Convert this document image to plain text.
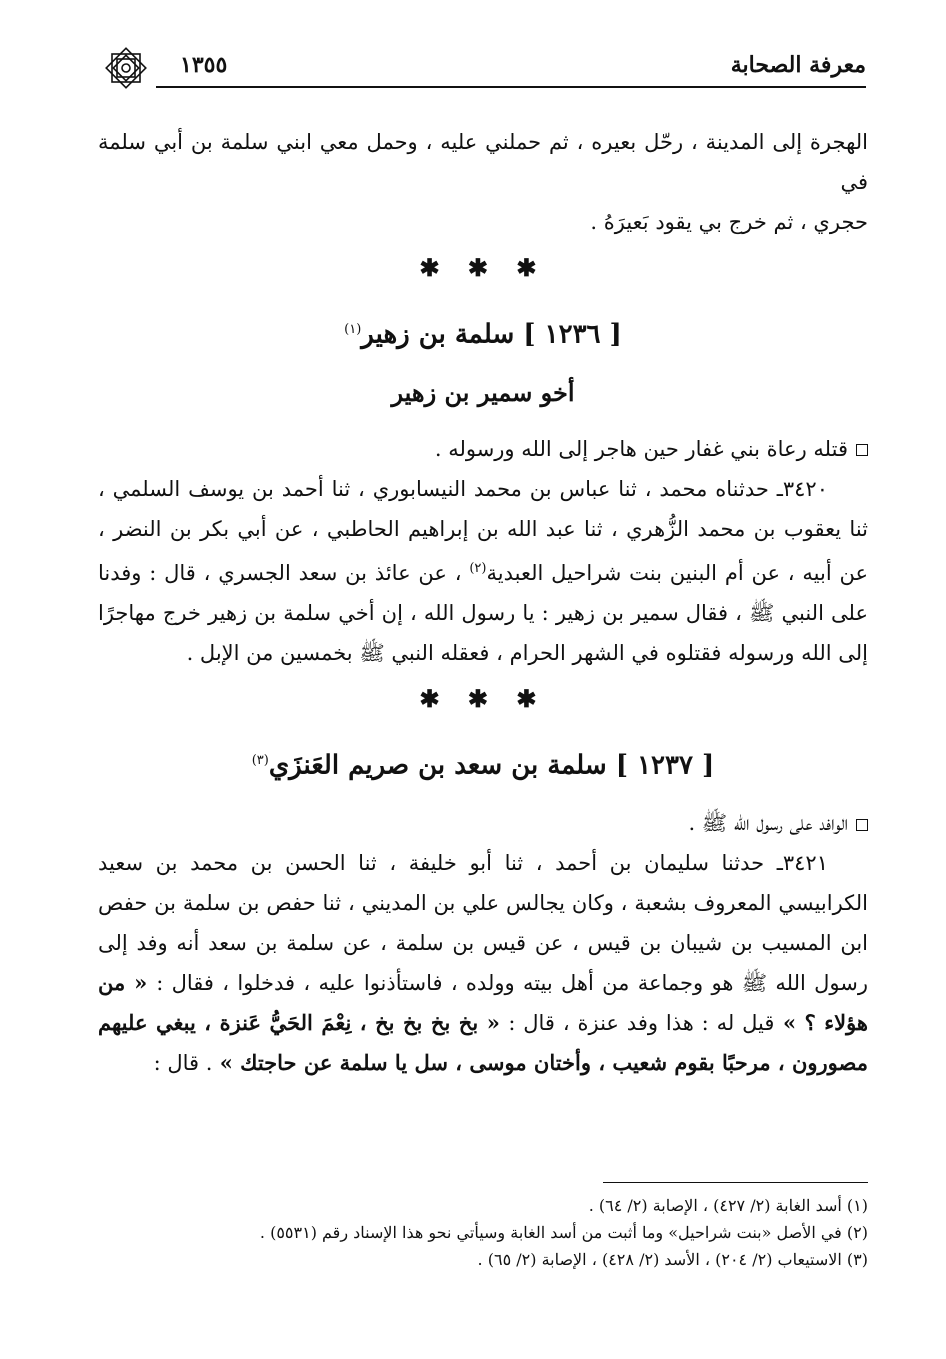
١٣٥٥	معرفة الصحابة

الهجرة إلى المدينة ، رحّل بعيره ، ثم حملني عليه ، وحمل معي ابني سلمة بن أبي سلمة في

حجري ، ثم خرج بي يقود بَعيرَهُ .

✱ ✱ ✱
[ ١٢٣٦ ] سلمة بن زهير$^{(١)}$
أخو سمير بن زهير

قتله رعاة بني غفار حين هاجر إلى الله ورسوله .

٣٤٢٠ـ حدثناه محمد ، ثنا عباس بن محمد النيسابوري ، ثنا أحمد بن يوسف السلمي ، ثنا يعقوب بن محمد الزُّهري ، ثنا عبد الله بن إبراهيم الحاطبي ، عن أبي بكر بن النضر ، عن أبيه ، عن أم البنين بنت شراحيل العبدية$^{(٢)}$ ، عن عائذ بن سعد الجسري ، قال : وفدنا على النبي ﷺ ، فقال سمير بن زهير : يا رسول الله ، إن أخي سلمة بن زهير خرج مهاجرًا إلى الله ورسوله فقتلوه في الشهر الحرام ، فعقله النبي ﷺ بخمسين من الإبل .

✱ ✱ ✱
[ ١٢٣٧ ] سلمة بن سعد بن صريم العَنزَي$^{(٣)}$

الوافد على رسول الله ﷺ .

٣٤٢١ـ حدثنا سليمان بن أحمد ، ثنا أبو خليفة ، ثنا الحسن بن محمد بن سعيد الكرابيسي المعروف بشعبة ، وكان يجالس علي بن المديني ، ثنا حفص بن سلمة بن حفص ابن المسيب بن شيبان بن قيس ، عن قيس بن سلمة ، عن سلمة بن سعد أنه وفد إلى رسول الله ﷺ هو وجماعة من أهل بيته وولده ، فاستأذنوا عليه ، فدخلوا ، فقال : « من هؤلاء ؟ » قيل له : هذا وفد عنزة ، قال : « بخ بخ بخ بخ ، نِعْمَ الحَيُّ عَنزة ، يبغي عليهم مصورون ، مرحبًا بقوم شعيب ، وأختان موسى ، سل يا سلمة عن حاجتك » . قال :

(١) أسد الغابة (٢/ ٤٢٧) ، الإصابة (٢/ ٦٤) .

(٢) في الأصل «بنت شراحيل» وما أثبت من أسد الغابة وسيأتي نحو هذا الإسناد رقم (٥٥٣١) .

(٣) الاستيعاب (٢/ ٢٠٤) ، الأسد (٢/ ٤٢٨) ، الإصابة (٢/ ٦٥) .
